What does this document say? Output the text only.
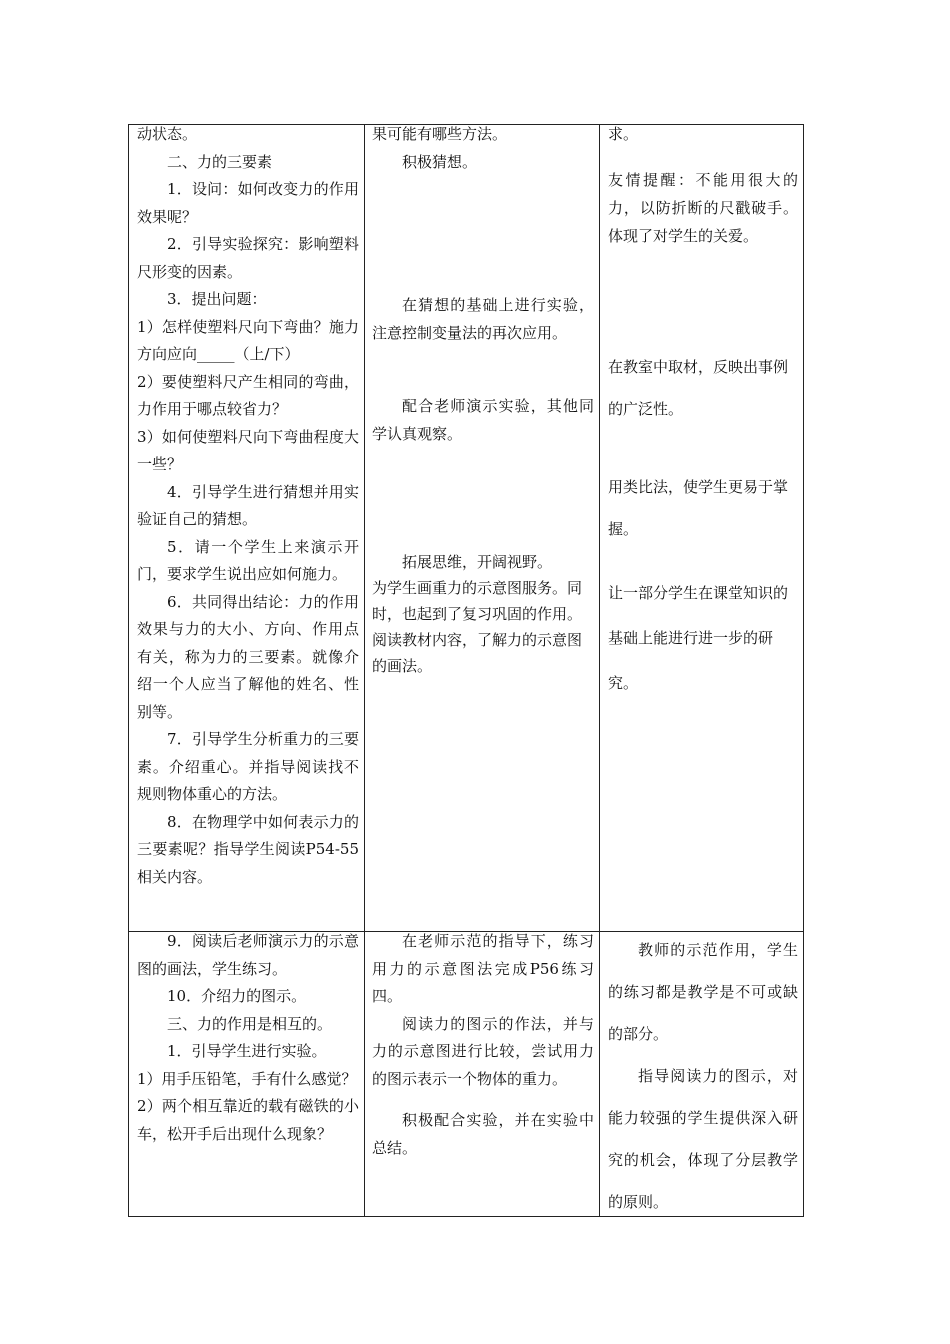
动状态。

二、力的三要素

1．设问：如何改变力的作用效果呢？

2．引导实验探究：影响塑料尺形变的因素。

3．提出问题：

1）怎样使塑料尺向下弯曲？施力方向应向_____（上/下）

2）要使塑料尺产生相同的弯曲，力作用于哪点较省力？

3）如何使塑料尺向下弯曲程度大一些？

4．引导学生进行猜想并用实验证自己的猜想。

5．请一个学生上来演示开门，要求学生说出应如何施力。

6．共同得出结论：力的作用效果与力的大小、方向、作用点有关，称为力的三要素。就像介绍一个人应当了解他的姓名、性别等。

7．引导学生分析重力的三要素。介绍重心。并指导阅读找不规则物体重心的方法。

8．在物理学中如何表示力的三要素呢？指导学生阅读P54-55相关内容。

果可能有哪些方法。

积极猜想。

在猜想的基础上进行实验，注意控制变量法的再次应用。

配合老师演示实验，其他同学认真观察。

拓展思维，开阔视野。

为学生画重力的示意图服务。同时，也起到了复习巩固的作用。

阅读教材内容，了解力的示意图的画法。

求。

友情提醒：不能用很大的力，以防折断的尺戳破手。体现了对学生的关爱。

在教室中取材，反映出事例的广泛性。

用类比法，使学生更易于掌握。

让一部分学生在课堂知识的基础上能进行进一步的研究。

9．阅读后老师演示力的示意图的画法，学生练习。

10．介绍力的图示。

三、力的作用是相互的。

1．引导学生进行实验。

1）用手压铅笔，手有什么感觉？

2）两个相互靠近的载有磁铁的小车，松开手后出现什么现象？

在老师示范的指导下，练习用力的示意图法完成P56练习四。

阅读力的图示的作法，并与力的示意图进行比较，尝试用力的图示表示一个物体的重力。

积极配合实验，并在实验中总结。

教师的示范作用，学生的练习都是教学是不可或缺的部分。

指导阅读力的图示，对能力较强的学生提供深入研究的机会，体现了分层教学的原则。
